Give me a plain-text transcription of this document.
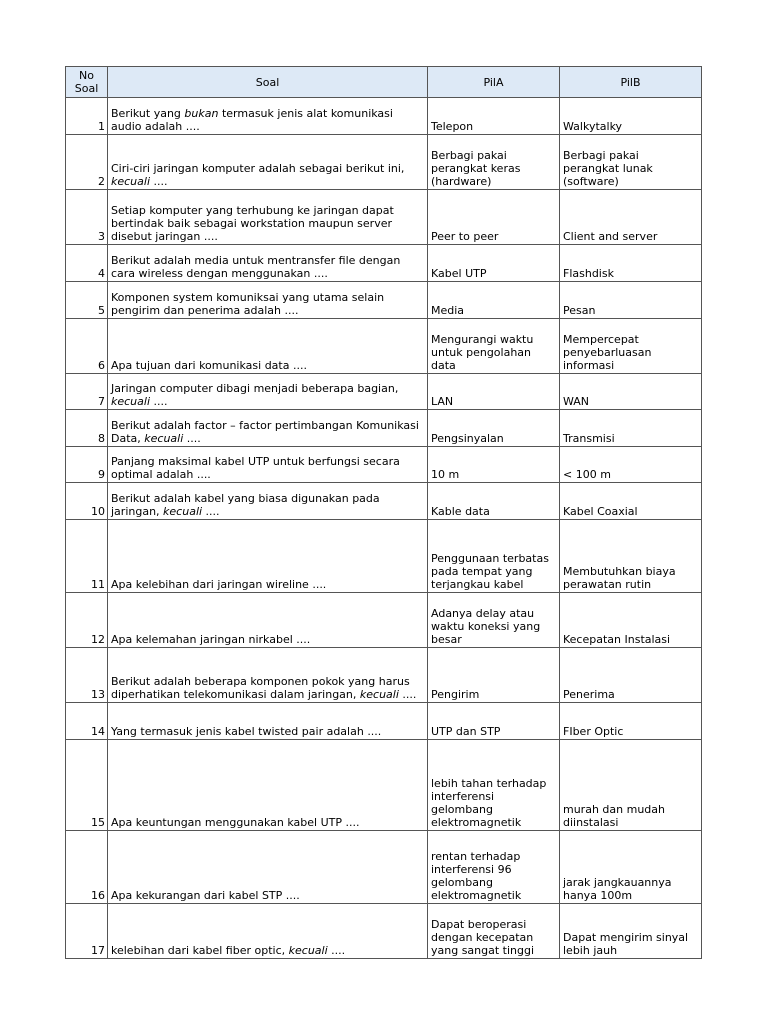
No Soal	Soal	PilA	PilB
1	Berikut yang bukan termasuk jenis alat komunikasi audio adalah ....	Telepon	Walkytalky
2	Ciri-ciri jaringan komputer adalah sebagai berikut ini, kecuali ....	Berbagi pakai perangkat keras (hardware)	Berbagi pakai perangkat lunak (software)
3	Setiap komputer yang terhubung ke jaringan dapat bertindak baik sebagai workstation maupun server disebut jaringan ....	Peer to peer	Client and server
4	Berikut adalah media untuk mentransfer file dengan cara wireless dengan menggunakan ....	Kabel UTP	Flashdisk
5	Komponen system komuniksai yang utama selain pengirim dan penerima adalah ....	Media	Pesan
6	Apa tujuan dari komunikasi data ....	Mengurangi waktu untuk pengolahan data	Mempercepat penyebarluasan informasi
7	Jaringan computer dibagi menjadi beberapa bagian, kecuali ....	LAN	WAN
8	Berikut adalah factor – factor pertimbangan Komunikasi Data, kecuali ....	Pengsinyalan	Transmisi
9	Panjang maksimal kabel UTP untuk berfungsi secara optimal adalah ....	10 m	< 100 m
10	Berikut adalah kabel yang biasa digunakan pada jaringan, kecuali ....	Kable data	Kabel Coaxial
11	Apa kelebihan dari jaringan wireline ....	Penggunaan terbatas pada tempat yang terjangkau kabel	Membutuhkan biaya perawatan rutin
12	Apa kelemahan jaringan nirkabel ....	Adanya delay atau waktu koneksi yang besar	Kecepatan Instalasi
13	Berikut adalah beberapa komponen pokok yang harus diperhatikan telekomunikasi dalam jaringan, kecuali ....	Pengirim	Penerima
14	Yang termasuk jenis kabel twisted pair adalah ....	UTP dan STP	FIber Optic
15	Apa keuntungan menggunakan kabel UTP ....	lebih tahan terhadap interferensi gelombang elektromagnetik	murah dan mudah diinstalasi
16	Apa kekurangan dari kabel STP ....	rentan terhadap interferensi 96 gelombang elektromagnetik	jarak jangkauannya hanya 100m
17	kelebihan dari kabel fiber optic, kecuali ....	Dapat beroperasi dengan kecepatan yang sangat tinggi	Dapat mengirim sinyal lebih jauh
